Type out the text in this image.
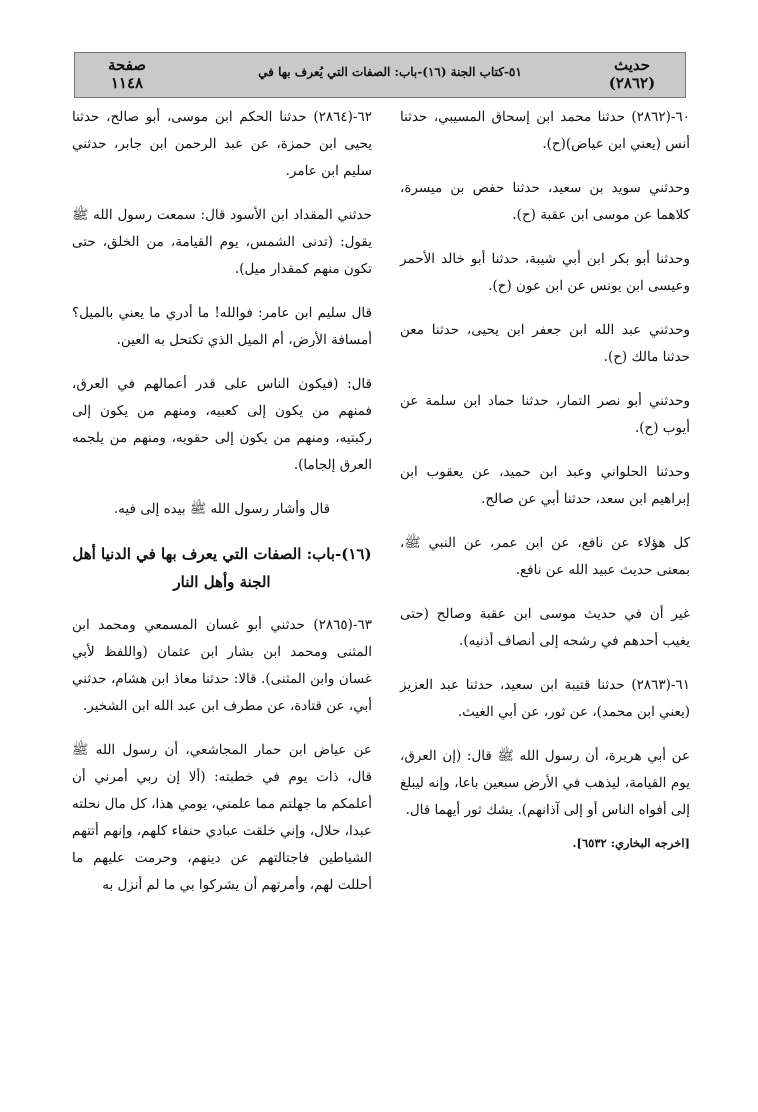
٥١-كتاب الجنة (١٦)-باب: الصفات التي يُعرف بها في	حديث
(٢٨٦٢)
صفحة
١١٤٨

٦٠-(٢٨٦٢) حدثنا محمد ابن إسحاق المسيبي، حدثنا أنس (يعني ابن عياض)(ح).

وحدثني سويد بن سعيد، حدثنا حفص بن ميسرة، كلاهما عن موسى ابن عقبة (ح).

وحدثنا أبو بكر ابن أبي شيبة، حدثنا أبو خالد الأحمر وعيسى ابن يونس عن ابن عون (ح).

وحدثني عبد الله ابن جعفر ابن يحيى، حدثنا معن حدثنا مالك (ح).

وحدثني أبو نصر التمار، حدثنا حماد ابن سلمة عن أيوب (ح).

وحدثنا الحلواني وعبد ابن حميد، عن يعقوب ابن إبراهيم ابن سعد، حدثنا أبي عن صالح.

كل هؤلاء عن نافع، عن ابن عمر، عن النبي ﷺ، بمعنى حديث عبيد الله عن نافع.

غير أن في حديث موسى ابن عقبة وصالح (حتى يغيب أحدهم في رشحه إلى أنصاف أذنيه).

٦١-(٢٨٦٣) حدثنا قتيبة ابن سعيد، حدثنا عبد العزيز (يعني ابن محمد)، عن ثور، عن أبي الغيث.

عن أبي هريرة، أن رسول الله ﷺ قال: (إن العرق، يوم القيامة، ليذهب في الأرض سبعين باعا، وإنه ليبلغ إلى أفواه الناس أو إلى آذانهم). يشك ثور أيهما قال.

[اخرجه البخاري: ٦٥٣٢].

٦٢-(٢٨٦٤) حدثنا الحكم ابن موسى، أبو صالح، حدثنا يحيى ابن حمزة، عن عبد الرحمن ابن جابر، حدثني سليم ابن عامر.

حدثني المقداد ابن الأسود قال: سمعت رسول الله ﷺ يقول: (تدنى الشمس، يوم القيامة، من الخلق، حتى تكون منهم كمقدار ميل).

قال سليم ابن عامر: فوالله! ما أدري ما يعني بالميل؟ أمسافة الأرض، أم الميل الذي تكتحل به العين.

قال: (فيكون الناس على قدر أعمالهم في العرق، فمنهم من يكون إلى كعبيه، ومنهم من يكون إلى ركبتيه، ومنهم من يكون إلى حقويه، ومنهم من يلجمه العرق إلجاما).

قال وأشار رسول الله ﷺ بيده إلى فيه.

(١٦)-باب: الصفات التي يعرف بها في الدنيا أهل الجنة وأهل النار

٦٣-(٢٨٦٥) حدثني أبو غسان المسمعي ومحمد ابن المثنى ومحمد ابن بشار ابن عثمان (واللفظ لأبي غسان وابن المثنى). قالا: حدثنا معاذ ابن هشام، حدثني أبي، عن قتادة، عن مطرف ابن عبد الله ابن الشخير.

عن عياض ابن حمار المجاشعي، أن رسول الله ﷺ قال، ذات يوم في خطبته: (ألا إن ربي أمرني أن أعلمكم ما جهلتم مما علمني، يومي هذا، كل مال نحلته عبدا، حلال، وإني خلقت عبادي حنفاء كلهم، وإنهم أتتهم الشياطين فاجتالتهم عن دينهم، وحرمت عليهم ما أحللت لهم، وأمرتهم أن يشركوا بي ما لم أنزل به
